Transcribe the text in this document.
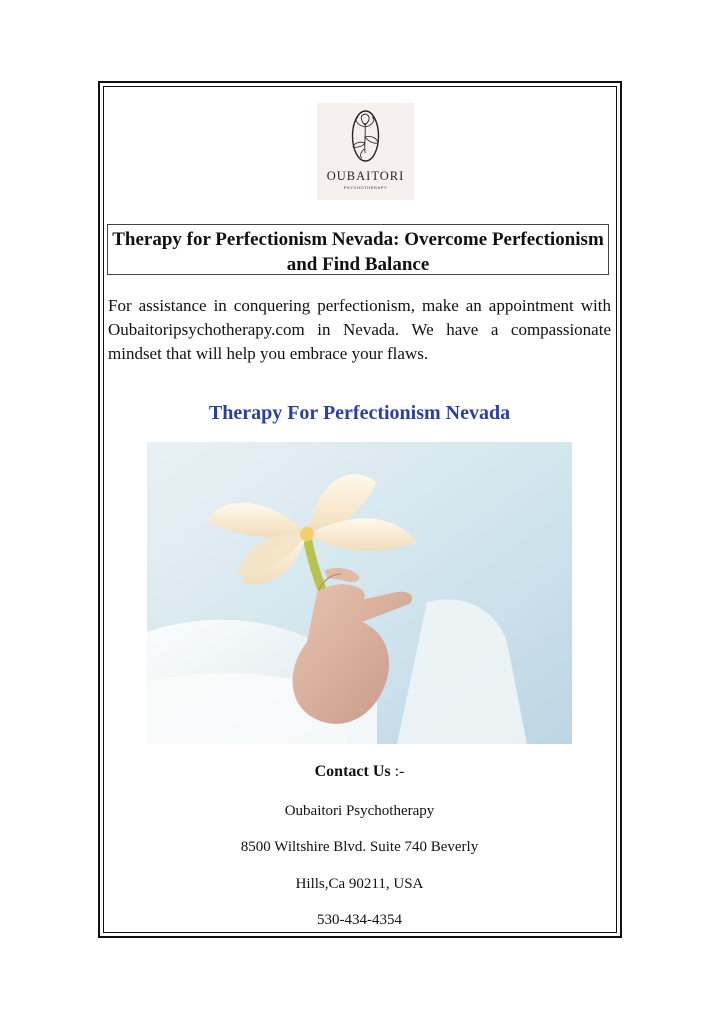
OUBAITORI
PSYCHOTHERAPY
Therapy for Perfectionism Nevada: Overcome Perfectionism and Find Balance
For assistance in conquering perfectionism, make an appointment with Oubaitoripsychotherapy.com in Nevada. We have a compassionate mindset that will help you embrace your flaws.
Therapy For Perfectionism Nevada
Contact Us :-
Oubaitori Psychotherapy
8500 Wiltshire Blvd. Suite 740 Beverly
Hills,Ca 90211, USA
530-434-4354
